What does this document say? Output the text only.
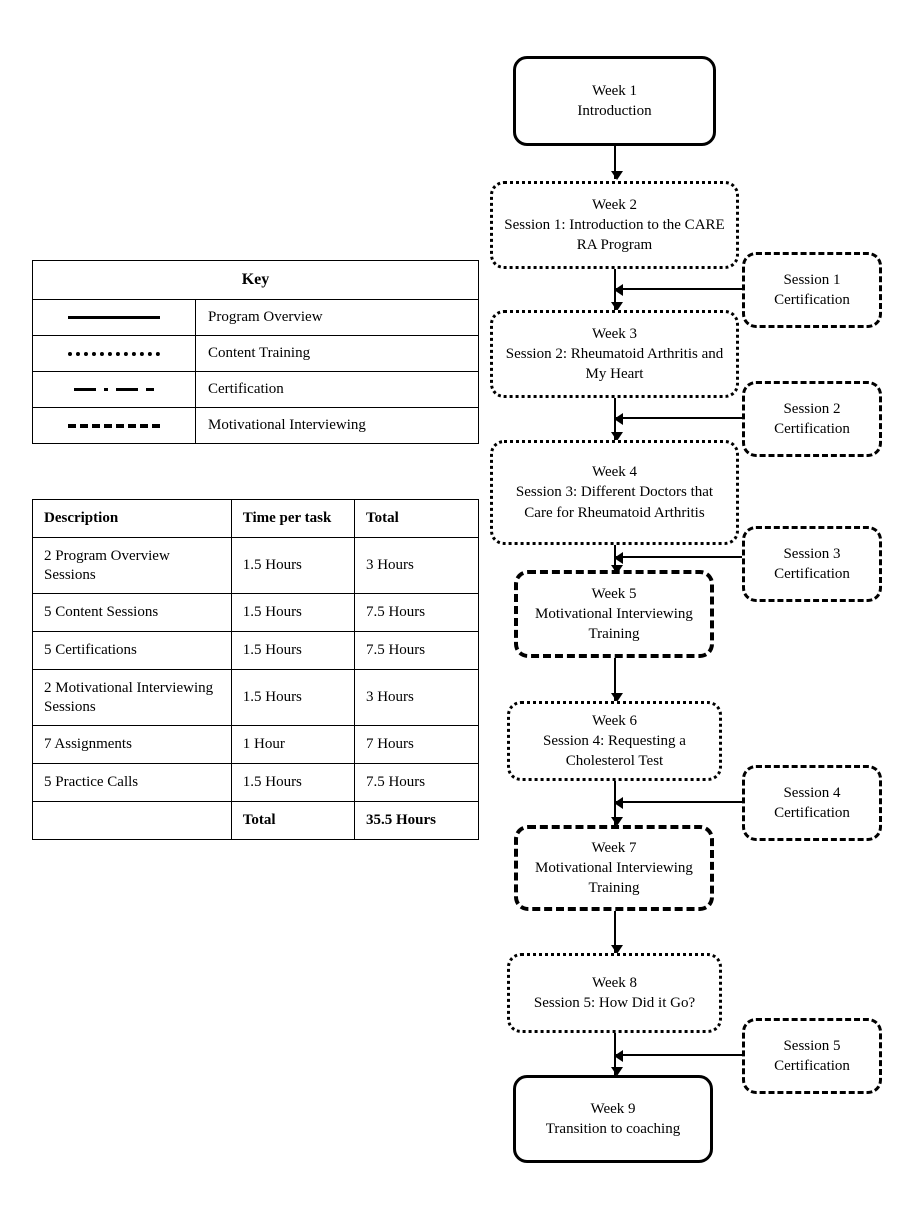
Key	

	Program Overview

	Content Training

	Certification

	Motivational Interviewing
Description	Time per task	Total
2 Program Overview Sessions	1.5 Hours	3 Hours
5 Content Sessions	1.5 Hours	7.5 Hours
5 Certifications	1.5 Hours	7.5 Hours
2 Motivational Interviewing Sessions	1.5 Hours	3 Hours
7 Assignments	1 Hour	7 Hours
5 Practice Calls	1.5 Hours	7.5 Hours
	Total	35.5 Hours
Week 1
Introduction
Week 2
Session 1: Introduction to the CARE RA Program
Session 1
Certification
Week 3
Session 2: Rheumatoid Arthritis and My Heart
Session 2
Certification
Week 4
Session 3: Different Doctors that Care for Rheumatoid Arthritis
Session 3
Certification
Week 5
Motivational Interviewing Training
Week 6
Session 4: Requesting a Cholesterol Test
Session 4
Certification
Week 7
Motivational Interviewing Training
Week 8
Session 5: How Did it Go?
Session 5
Certification
Week 9
Transition to coaching
